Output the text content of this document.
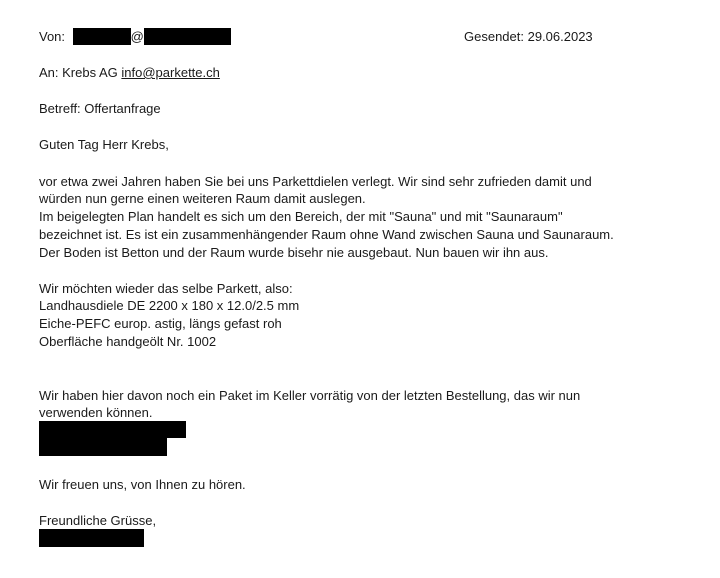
Von:	@	Gesendet: 29.06.2023
An: Krebs AG info@parkette.ch
Betreff: Offertanfrage
Guten Tag Herr Krebs,
vor etwa zwei Jahren haben Sie bei uns Parkettdielen verlegt. Wir sind sehr zufrieden damit und
würden nun gerne einen weiteren Raum damit auslegen.
Im beigelegten Plan handelt es sich um den Bereich, der mit "Sauna" und mit "Saunaraum"
bezeichnet ist. Es ist ein zusammenhängender Raum ohne Wand zwischen Sauna und Saunaraum.
Der Boden ist Betton und der Raum wurde bisehr nie ausgebaut. Nun bauen wir ihn aus.
Wir möchten wieder das selbe Parkett, also:
Landhausdiele DE 2200 x 180 x 12.0/2.5 mm
Eiche-PEFC europ. astig, längs gefast roh
Oberfläche handgeölt Nr. 1002
Wir haben hier davon noch ein Paket im Keller vorrätig von der letzten Bestellung, das wir nun
verwenden können.
Wir freuen uns, von Ihnen zu hören.
Freundliche Grüsse,
